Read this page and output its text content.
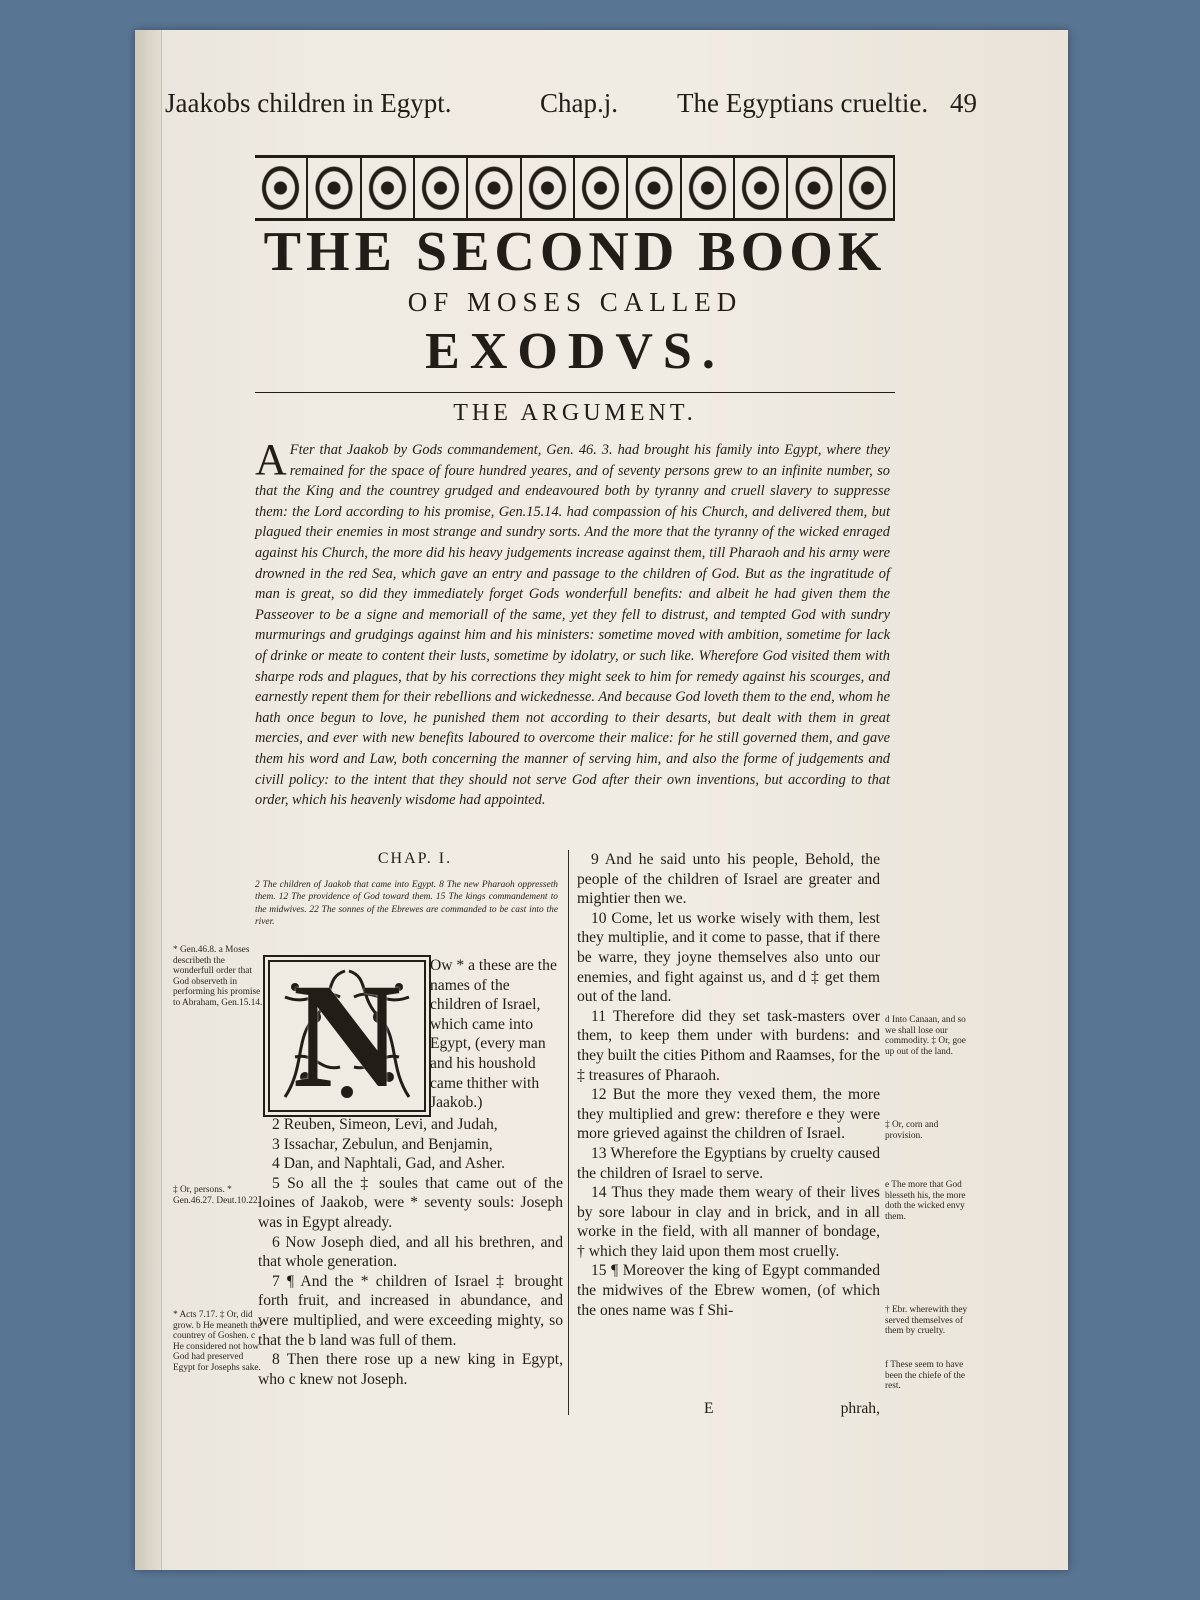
Jaakobs children in Egypt.	Chap.j. The Egyptians crueltie. 49
THE SECOND BOOK
OF MOSES CALLED
EXODVS.
THE ARGUMENT.
A Fter that Jaakob by Gods commandement, Gen. 46. 3. had brought his family into Egypt, where they remained for the space of foure hundred yeares, and of seventy persons grew to an infinite number, so that the King and the countrey grudged and endeavoured both by tyranny and cruell slavery to suppresse them: the Lord according to his promise, Gen.15.14. had compassion of his Church, and delivered them, but plagued their enemies in most strange and sundry sorts. And the more that the tyranny of the wicked enraged against his Church, the more did his heavy judgements increase against them, till Pharaoh and his army were drowned in the red Sea, which gave an entry and passage to the children of God. But as the ingratitude of man is great, so did they immediately forget Gods wonderfull benefits: and albeit he had given them the Passeover to be a signe and memoriall of the same, yet they fell to distrust, and tempted God with sundry murmurings and grudgings against him and his ministers: sometime moved with ambition, sometime for lack of drinke or meate to content their lusts, sometime by idolatry, or such like. Wherefore God visited them with sharpe rods and plagues, that by his corrections they might seek to him for remedy against his scourges, and earnestly repent them for their rebellions and wickednesse. And because God loveth them to the end, whom he hath once begun to love, he punished them not according to their desarts, but dealt with them in great mercies, and ever with new benefits laboured to overcome their malice: for he still governed them, and gave them his word and Law, both concerning the manner of serving him, and also the forme of judgements and civill policy: to the intent that they should not serve God after their own inventions, but according to that order, which his heavenly wisdome had appointed.
CHAP. I.
2 The children of Jaakob that came into Egypt. 8 The new Pharaoh oppresseth them. 12 The providence of God toward them. 15 The kings commandement to the midwives. 22 The sonnes of the Ebrewes are commanded to be cast into the river.
N	Ow * a these are the names of the children of Israel, which came into Egypt, (every man and his houshold came thither with Jaakob.)

2 Reuben, Simeon, Levi, and Judah,

3 Issachar, Zebulun, and Benjamin,

4 Dan, and Naphtali, Gad, and Asher.

5 So all the ‡ soules that came out of the loines of Jaakob, were * seventy souls: Joseph was in Egypt already.

6 Now Joseph died, and all his brethren, and that whole generation.

7 ¶ And the * children of Israel ‡ brought forth fruit, and increased in abundance, and were multiplied, and were exceeding mighty, so that the b land was full of them.

8 Then there rose up a new king in Egypt, who c knew not Joseph.

9 And he said unto his people, Behold, the people of the children of Israel are greater and mightier then we.

10 Come, let us worke wisely with them, lest they multiplie, and it come to passe, that if there be warre, they joyne themselves also unto our enemies, and fight against us, and d ‡ get them out of the land.

11 Therefore did they set task-masters over them, to keep them under with burdens: and they built the cities Pithom and Raamses, for the ‡ treasures of Pharaoh.

12 But the more they vexed them, the more they multiplied and grew: therefore e they were more grieved against the children of Israel.

13 Wherefore the Egyptians by cruelty caused the children of Israel to serve.

14 Thus they made them weary of their lives by sore labour in clay and in brick, and in all worke in the field, with all manner of bondage, † which they laid upon them most cruelly.

15 ¶ Moreover the king of Egypt commanded the midwives of the Ebrew women, (of which the ones name was f Shi-

E	phrah,
* Gen.46.8. a Moses describeth the wonderfull order that God observeth in performing his promise to Abraham, Gen.15.14.
‡ Or, persons. * Gen.46.27. Deut.10.22.
* Acts 7.17. ‡ Or, did grow. b He meaneth the countrey of Goshen. c He considered not how God had preserved Egypt for Josephs sake.
d Into Canaan, and so we shall lose our commodity. ‡ Or, goe up out of the land.
‡ Or, corn and provision.
e The more that God blesseth his, the more doth the wicked envy them.
† Ebr. wherewith they served themselves of them by cruelty.
f These seem to have been the chiefe of the rest.
